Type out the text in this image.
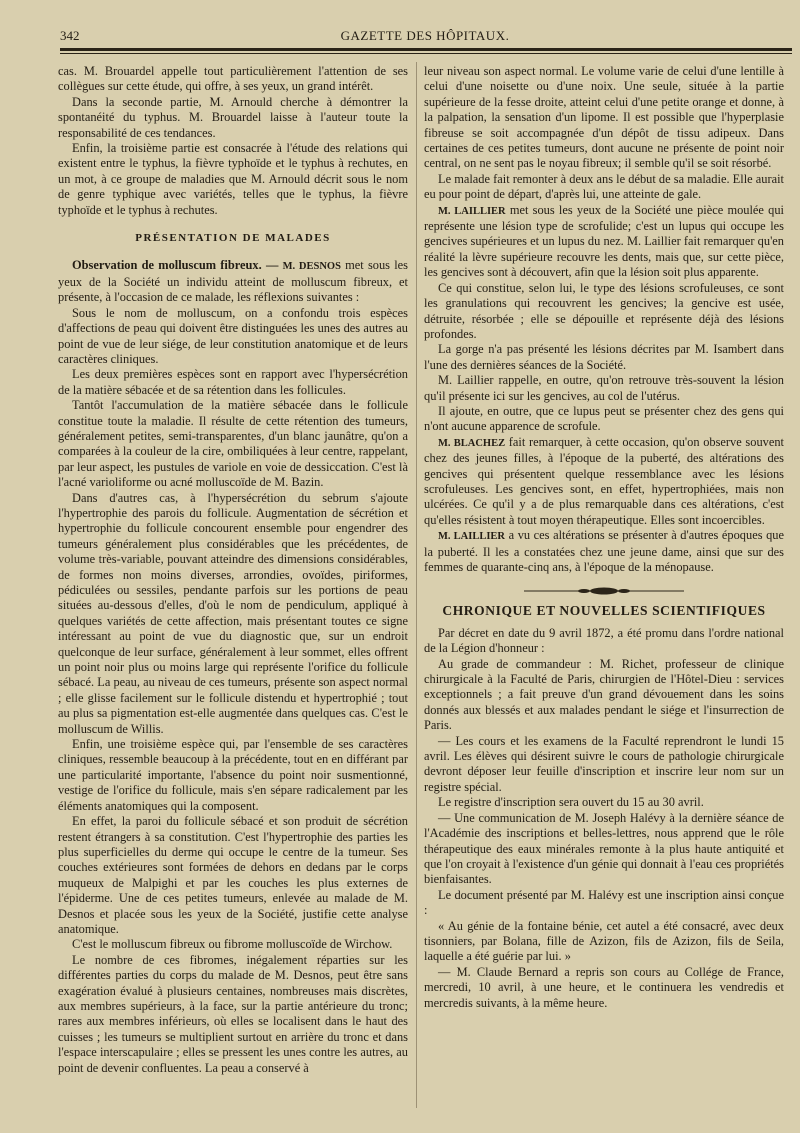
342	GAZETTE DES HÔPITAUX.

cas. M. Brouardel appelle tout particulièrement l'attention de ses collègues sur cette étude, qui offre, à ses yeux, un grand intérêt.

Dans la seconde partie, M. Arnould cherche à démontrer la spontanéité du typhus. M. Brouardel laisse à l'auteur toute la responsabilité de ces tendances.

Enfin, la troisième partie est consacrée à l'étude des relations qui existent entre le typhus, la fièvre typhoïde et le typhus à rechutes, en un mot, à ce groupe de maladies que M. Arnould décrit sous le nom de genre typhique avec variétés, telles que le typhus, la fièvre typhoïde et le typhus à rechutes.

PRÉSENTATION DE MALADES

Observation de molluscum fibreux. — M. DESNOS met sous les yeux de la Société un individu atteint de molluscum fibreux, et présente, à l'occasion de ce malade, les réflexions suivantes :

Sous le nom de molluscum, on a confondu trois espèces d'affections de peau qui doivent être distinguées les unes des autres au point de vue de leur siége, de leur constitution anatomique et de leurs caractères cliniques.

Les deux premières espèces sont en rapport avec l'hypersécrétion de la matière sébacée et de sa rétention dans les follicules.

Tantôt l'accumulation de la matière sébacée dans le follicule constitue toute la maladie. Il résulte de cette rétention des tumeurs, généralement petites, semi-transparentes, d'un blanc jaunâtre, qu'on a comparées à la couleur de la cire, ombiliquées à leur centre, rappelant, par leur aspect, les pustules de variole en voie de dessiccation. C'est là l'acné varioliforme ou acné molluscoïde de M. Bazin.

Dans d'autres cas, à l'hypersécrétion du sebrum s'ajoute l'hypertrophie des parois du follicule. Augmentation de sécrétion et hypertrophie du follicule concourent ensemble pour engendrer des tumeurs généralement plus considérables que les précédentes, de volume très-variable, pouvant atteindre des dimensions considérables, de formes non moins diverses, arrondies, ovoïdes, piriformes, pédiculées ou sessiles, pendante parfois sur les portions de peau situées au-dessous d'elles, d'où le nom de pendiculum, appliqué à quelques variétés de cette affection, mais présentant toutes ce signe intéressant au point de vue du diagnostic que, sur un endroit quelconque de leur surface, généralement à leur sommet, elles offrent un point noir plus ou moins large qui représente l'orifice du follicule sébacé. La peau, au niveau de ces tumeurs, présente son aspect normal ; elle glisse facilement sur le follicule distendu et hypertrophié ; tout au plus sa pigmentation est-elle augmentée dans quelques cas. C'est le molluscum de Willis.

Enfin, une troisième espèce qui, par l'ensemble de ses caractères cliniques, ressemble beaucoup à la précédente, tout en en différant par une particularité importante, l'absence du point noir susmentionné, vestige de l'orifice du follicule, mais s'en sépare radicalement par les éléments anatomiques qui la composent.

En effet, la paroi du follicule sébacé et son produit de sécrétion restent étrangers à sa constitution. C'est l'hypertrophie des parties les plus superficielles du derme qui occupe le centre de la tumeur. Ses couches extérieures sont formées de dehors en dedans par le corps muqueux de Malpighi et par les couches les plus externes de l'épiderme. Une de ces petites tumeurs, enlevée au malade de M. Desnos et placée sous les yeux de la Société, justifie cette analyse anatomique.

C'est le molluscum fibreux ou fibrome molluscoïde de Wirchow.

Le nombre de ces fibromes, inégalement réparties sur les différentes parties du corps du malade de M. Desnos, peut être sans exagération évalué à plusieurs centaines, nombreuses mais discrètes, aux membres supérieurs, à la face, sur la partie antérieure du tronc; rares aux membres inférieurs, où elles se localisent dans le haut des cuisses ; les tumeurs se multiplient surtout en arrière du tronc et dans l'espace interscapulaire ; elles se pressent les unes contre les autres, au point de devenir confluentes. La peau a conservé à

leur niveau son aspect normal. Le volume varie de celui d'une lentille à celui d'une noisette ou d'une noix. Une seule, située à la partie supérieure de la fesse droite, atteint celui d'une petite orange et donne, à la palpation, la sensation d'un lipome. Il est possible que l'hyperplasie fibreuse se soit accompagnée d'un dépôt de tissu adipeux. Dans certaines de ces petites tumeurs, dont aucune ne présente de point noir central, on ne sent pas le noyau fibreux; il semble qu'il se soit résorbé.

Le malade fait remonter à deux ans le début de sa maladie. Elle aurait eu pour point de départ, d'après lui, une atteinte de gale.

M. LAILLIER met sous les yeux de la Société une pièce moulée qui représente une lésion type de scrofulide; c'est un lupus qui occupe les gencives supérieures et un lupus du nez. M. Laillier fait remarquer qu'en réalité la lèvre supérieure recouvre les dents, mais que, sur cette pièce, les gencives sont à découvert, afin que la lésion soit plus apparente.

Ce qui constitue, selon lui, le type des lésions scrofuleuses, ce sont les granulations qui recouvrent les gencives; la gencive est usée, détruite, résorbée ; elle se dépouille et représente déjà des lésions profondes.

La gorge n'a pas présenté les lésions décrites par M. Isambert dans l'une des dernières séances de la Société.

M. Laillier rappelle, en outre, qu'on retrouve très-souvent la lésion qu'il présente ici sur les gencives, au col de l'utérus.

Il ajoute, en outre, que ce lupus peut se présenter chez des gens qui n'ont aucune apparence de scrofule.

M. BLACHEZ fait remarquer, à cette occasion, qu'on observe souvent chez des jeunes filles, à l'époque de la puberté, des altérations des gencives qui présentent quelque ressemblance avec les lésions scrofuleuses. Les gencives sont, en effet, hypertrophiées, mais non ulcérées. Ce qu'il y a de plus remarquable dans ces altérations, c'est qu'elles résistent à tout moyen thérapeutique. Elles sont incoercibles.

M. LAILLIER a vu ces altérations se présenter à d'autres époques que la puberté. Il les a constatées chez une jeune dame, ainsi que sur des femmes de quarante-cinq ans, à l'époque de la ménopause.

CHRONIQUE ET NOUVELLES SCIENTIFIQUES

Par décret en date du 9 avril 1872, a été promu dans l'ordre national de la Légion d'honneur :

Au grade de commandeur : M. Richet, professeur de clinique chirurgicale à la Faculté de Paris, chirurgien de l'Hôtel-Dieu : services exceptionnels ; a fait preuve d'un grand dévouement dans les soins donnés aux blessés et aux malades pendant le siége et l'insurrection de Paris.

— Les cours et les examens de la Faculté reprendront le lundi 15 avril. Les élèves qui désirent suivre le cours de pathologie chirurgicale devront déposer leur feuille d'inscription et inscrire leur nom sur un registre spécial.

Le registre d'inscription sera ouvert du 15 au 30 avril.

— Une communication de M. Joseph Halévy à la dernière séance de l'Académie des inscriptions et belles-lettres, nous apprend que le rôle thérapeutique des eaux minérales remonte à la plus haute antiquité et que l'on croyait à l'existence d'un génie qui donnait à l'eau ces propriétés bienfaisantes.

Le document présenté par M. Halévy est une inscription ainsi conçue :

« Au génie de la fontaine bénie, cet autel a été consacré, avec deux tisonniers, par Bolana, fille de Azizon, fils de Azizon, fils de Seila, laquelle a été guérie par lui. »

— M. Claude Bernard a repris son cours au Collége de France, mercredi, 10 avril, à une heure, et le continuera les vendredis et mercredis suivants, à la même heure.
